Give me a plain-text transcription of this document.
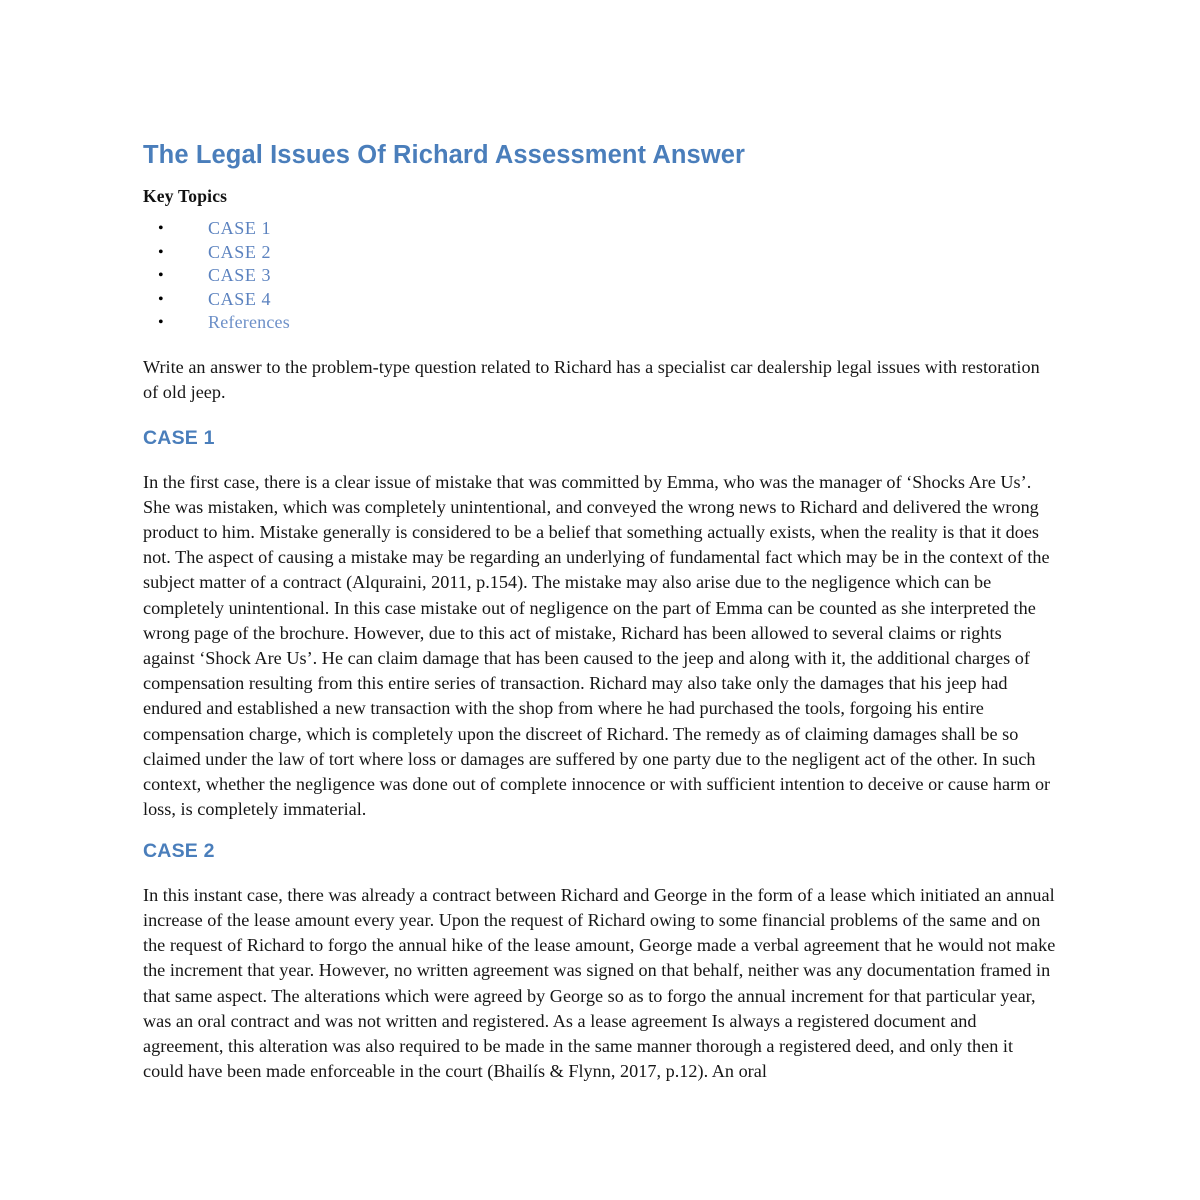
The Legal Issues Of Richard Assessment Answer
Key Topics
• CASE 1
• CASE 2
• CASE 3
• CASE 4
• References

Write an answer to the problem-type question related to Richard has a specialist car dealership legal issues with restoration of old jeep.

CASE 1

In the first case, there is a clear issue of mistake that was committed by Emma, who was the manager of ‘Shocks Are Us’. She was mistaken, which was completely unintentional, and conveyed the wrong news to Richard and delivered the wrong product to him. Mistake generally is considered to be a belief that something actually exists, when the reality is that it does not. The aspect of causing a mistake may be regarding an underlying of fundamental fact which may be in the context of the subject matter of a contract (Alquraini, 2011, p.154). The mistake may also arise due to the negligence which can be completely unintentional. In this case mistake out of negligence on the part of Emma can be counted as she interpreted the wrong page of the brochure. However, due to this act of mistake, Richard has been allowed to several claims or rights against ‘Shock Are Us’. He can claim damage that has been caused to the jeep and along with it, the additional charges of compensation resulting from this entire series of transaction. Richard may also take only the damages that his jeep had endured and established a new transaction with the shop from where he had purchased the tools, forgoing his entire compensation charge, which is completely upon the discreet of Richard. The remedy as of claiming damages shall be so claimed under the law of tort where loss or damages are suffered by one party due to the negligent act of the other. In such context, whether the negligence was done out of complete innocence or with sufficient intention to deceive or cause harm or loss, is completely immaterial.

CASE 2

In this instant case, there was already a contract between Richard and George in the form of a lease which initiated an annual increase of the lease amount every year. Upon the request of Richard owing to some financial problems of the same and on the request of Richard to forgo the annual hike of the lease amount, George made a verbal agreement that he would not make the increment that year. However, no written agreement was signed on that behalf, neither was any documentation framed in that same aspect. The alterations which were agreed by George so as to forgo the annual increment for that particular year, was an oral contract and was not written and registered. As a lease agreement Is always a registered document and agreement, this alteration was also required to be made in the same manner thorough a registered deed, and only then it could have been made enforceable in the court (Bhailís & Flynn, 2017, p.12). An oral
